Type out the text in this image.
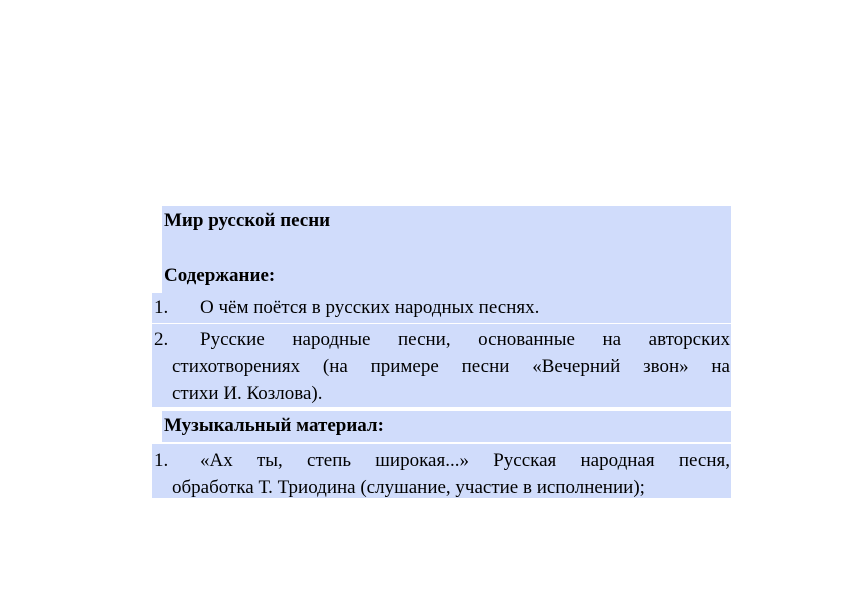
Мир русской песни
Содержание:
1. О чём поётся в русских народных песнях.
2. Русские народные песни, основанные на авторских
стихотворениях (на примере песни «Вечерний звон» на
стихи И. Козлова).
Музыкальный материал:
1. «Ах ты, степь широкая...» Русская народная песня,
обработка Т. Триодина (слушание, участие в исполнении);
